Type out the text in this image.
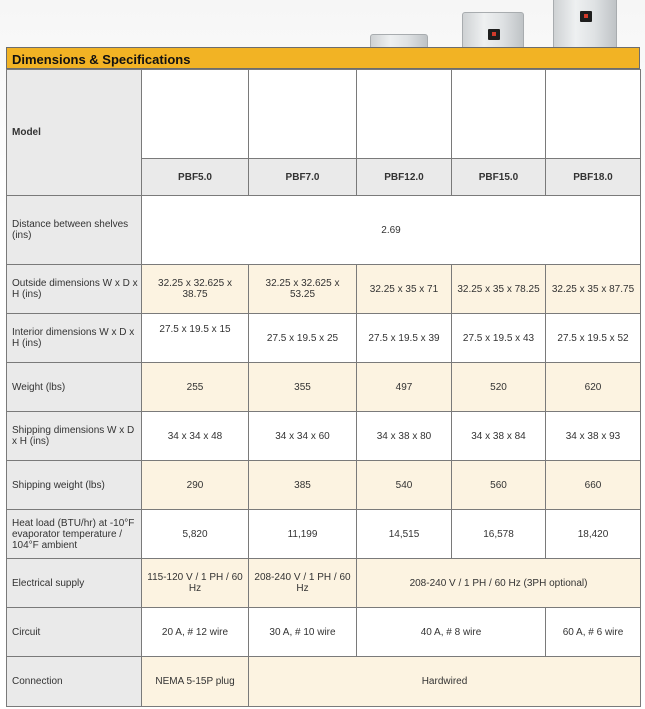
Dimensions & Specifications
Model					
	PBF5.0	PBF7.0	PBF12.0	PBF15.0	PBF18.0
Distance between shelves (ins)	2.69				
Outside dimensions W x D x H (ins)	32.25 x 32.625 x 38.75	32.25 x 32.625 x 53.25	32.25 x 35 x 71	32.25 x 35 x 78.25	32.25 x 35 x 87.75
Interior dimensions W x D x H (ins)	27.5 x 19.5 x 15	27.5 x 19.5 x 25	27.5 x 19.5 x 39	27.5 x 19.5 x 43	27.5 x 19.5 x 52
Weight (lbs)	255	355	497	520	620
Shipping dimensions W x D x H (ins)	34 x 34 x 48	34 x 34 x 60	34 x 38 x 80	34 x 38 x 84	34 x 38 x 93
Shipping weight (lbs)	290	385	540	560	660
Heat load (BTU/hr) at -10°F evaporator temperature / 104°F ambient	5,820	11,199	14,515	16,578	18,420
Electrical supply	115-120 V / 1 PH / 60 Hz	208-240 V / 1 PH / 60 Hz	208-240 V / 1 PH / 60 Hz (3PH optional)		
Circuit	20 A, # 12 wire	30 A, # 10 wire	40 A, # 8 wire		60 A, # 6 wire
Connection	NEMA 5-15P plug	Hardwired			
